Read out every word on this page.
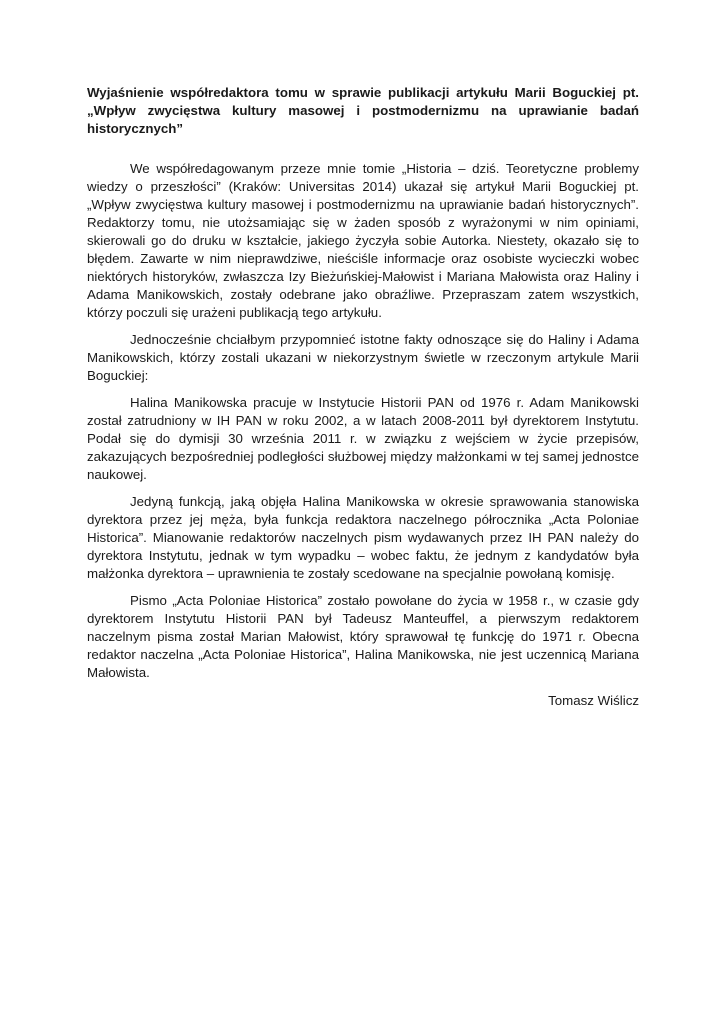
Wyjaśnienie współredaktora tomu w sprawie publikacji artykułu Marii Boguckiej pt. „Wpływ zwycięstwa kultury masowej i postmodernizmu na uprawianie badań historycznych”

We współredagowanym przeze mnie tomie „Historia – dziś. Teoretyczne problemy wiedzy o przeszłości” (Kraków: Universitas 2014) ukazał się artykuł Marii Boguckiej pt. „Wpływ zwycięstwa kultury masowej i postmodernizmu na uprawianie badań historycznych”. Redaktorzy tomu, nie utożsamiając się w żaden sposób z wyrażonymi w nim opiniami, skierowali go do druku w kształcie, jakiego życzyła sobie Autorka. Niestety, okazało się to błędem. Zawarte w nim nieprawdziwe, nieściśle informacje oraz osobiste wycieczki wobec niektórych historyków, zwłaszcza Izy Bieżuńskiej-Małowist i Mariana Małowista oraz Haliny i Adama Manikowskich, zostały odebrane jako obraźliwe. Przepraszam zatem wszystkich, którzy poczuli się urażeni publikacją tego artykułu.

Jednocześnie chciałbym przypomnieć istotne fakty odnoszące się do Haliny i Adama Manikowskich, którzy zostali ukazani w niekorzystnym świetle w rzeczonym artykule Marii Boguckiej:

Halina Manikowska pracuje w Instytucie Historii PAN od 1976 r. Adam Manikowski został zatrudniony w IH PAN w roku 2002, a w latach 2008-2011 był dyrektorem Instytutu. Podał się do dymisji 30 września 2011 r. w związku z wejściem w życie przepisów, zakazujących bezpośredniej podległości służbowej między małżonkami w tej samej jednostce naukowej.

Jedyną funkcją, jaką objęła Halina Manikowska w okresie sprawowania stanowiska dyrektora przez jej męża, była funkcja redaktora naczelnego półrocznika „Acta Poloniae Historica”. Mianowanie redaktorów naczelnych pism wydawanych przez IH PAN należy do dyrektora Instytutu, jednak w tym wypadku – wobec faktu, że jednym z kandydatów była małżonka dyrektora – uprawnienia te zostały scedowane na specjalnie powołaną komisję.

Pismo „Acta Poloniae Historica” zostało powołane do życia w 1958 r., w czasie gdy dyrektorem Instytutu Historii PAN był Tadeusz Manteuffel, a pierwszym redaktorem naczelnym pisma został Marian Małowist, który sprawował tę funkcję do 1971 r. Obecna redaktor naczelna „Acta Poloniae Historica”, Halina Manikowska, nie jest uczennicą Mariana Małowista.

Tomasz Wiślicz
